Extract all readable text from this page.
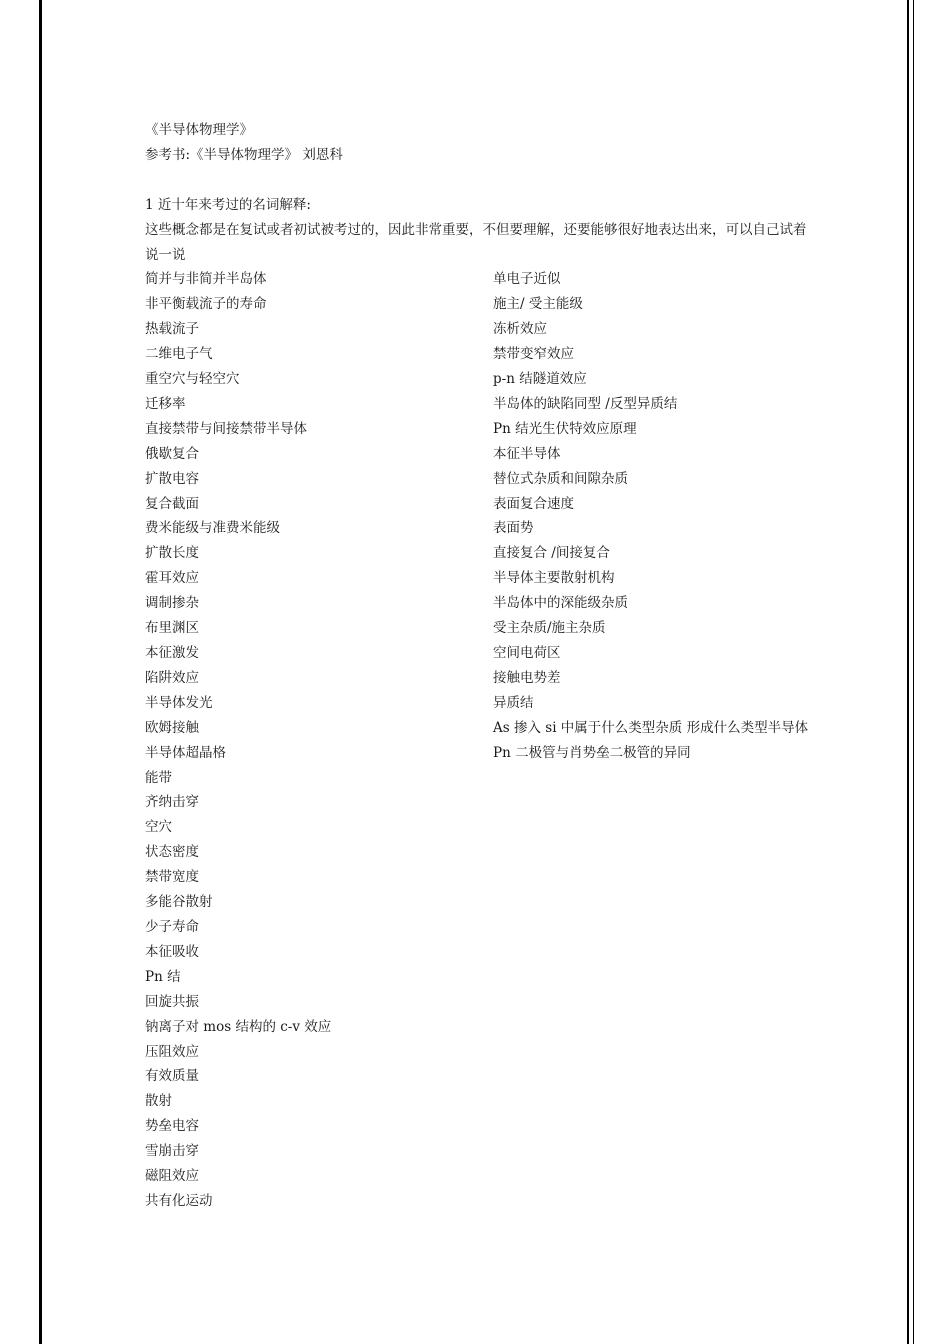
《半导体物理学》
参考书:《半导体物理学》 刘恩科
1 近十年来考过的名词解释:
这些概念都是在复试或者初试被考过的，因此非常重要，不但要理解，还要能够很好地表达出来，可以自己试着说一说
简并与非简并半岛体
非平衡载流子的寿命
热载流子
二维电子气
重空穴与轻空穴
迁移率
直接禁带与间接禁带半导体
俄歇复合
扩散电容
复合截面
费米能级与准费米能级
扩散长度
霍耳效应
调制掺杂
布里渊区
本征激发
陷阱效应
半导体发光
欧姆接触
半导体超晶格
能带
齐纳击穿
空穴
状态密度
禁带宽度
多能谷散射
少子寿命
本征吸收
Pn 结
回旋共振
钠离子对 mos 结构的 c-v 效应
压阻效应
有效质量
散射
势垒电容
雪崩击穿
磁阻效应
共有化运动
单电子近似
施主/ 受主能级
冻析效应
禁带变窄效应
p-n 结隧道效应
半岛体的缺陷同型 /反型异质结
Pn 结光生伏特效应原理
本征半导体
替位式杂质和间隙杂质
表面复合速度
表面势
直接复合 /间接复合
半导体主要散射机构
半岛体中的深能级杂质
受主杂质/施主杂质
空间电荷区
接触电势差
异质结
As 掺入 si 中属于什么类型杂质 形成什么类型半导体
Pn 二极管与肖势垒二极管的异同
